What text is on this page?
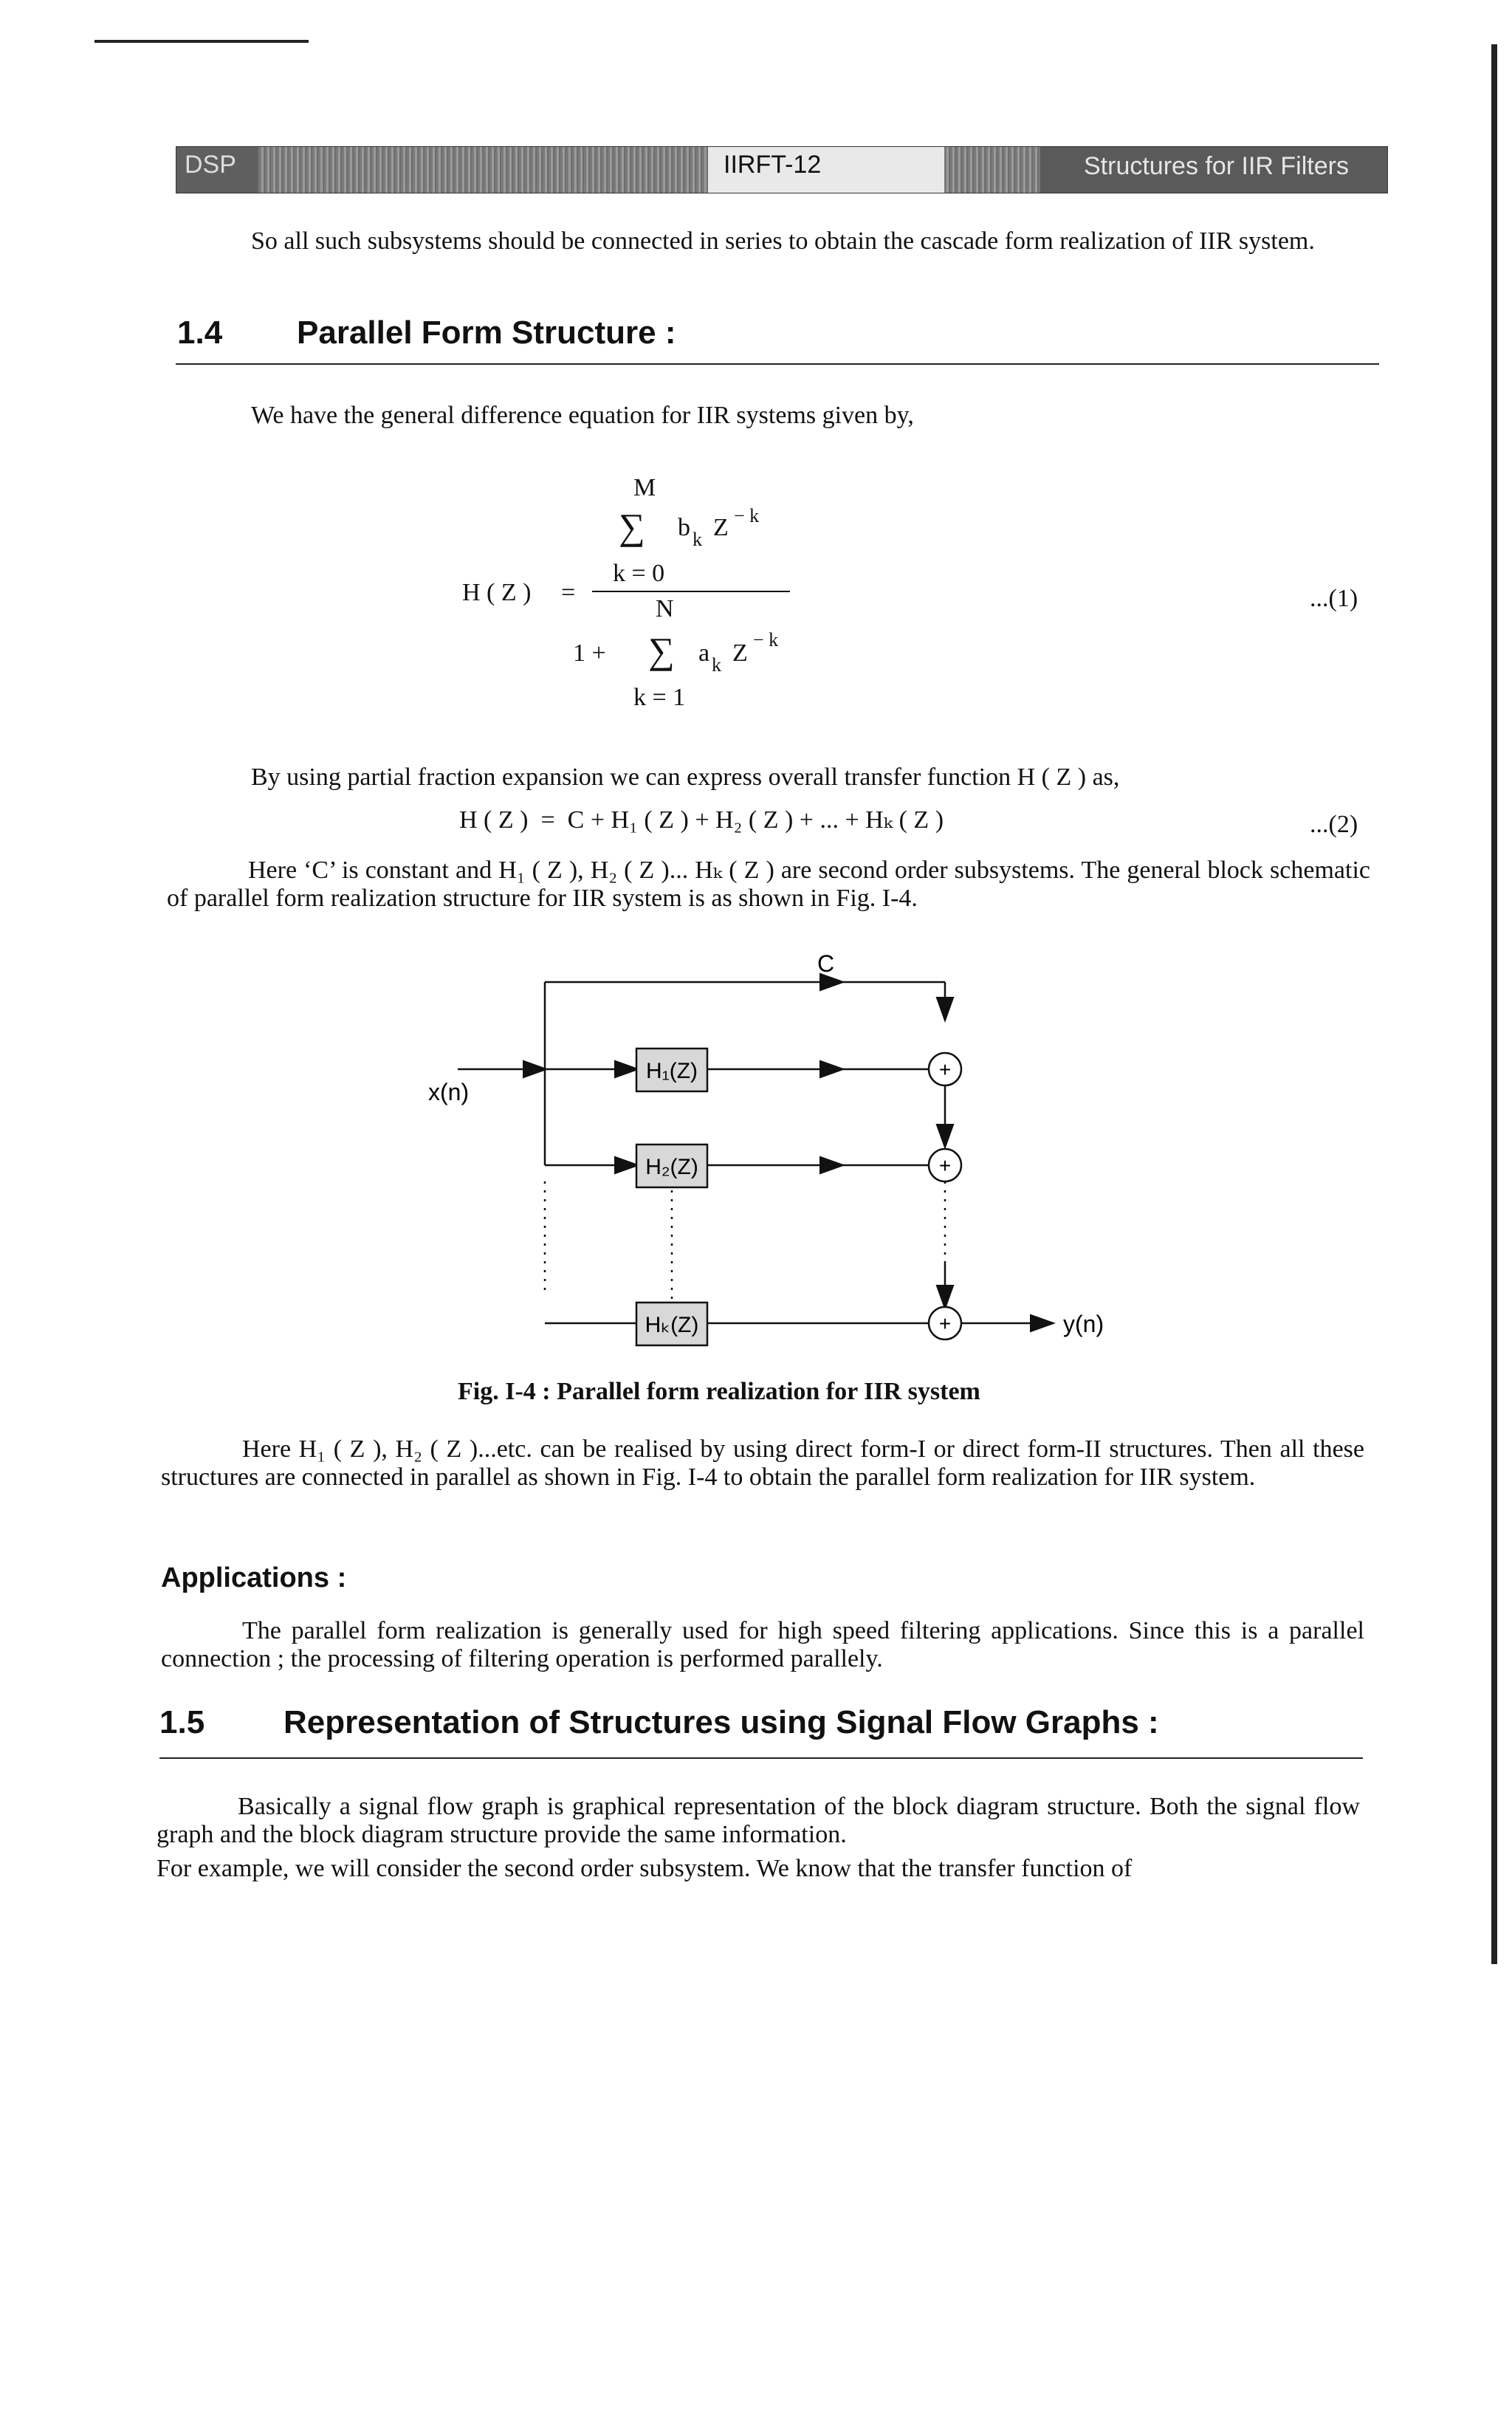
DSP	IIRFT-12	Structures for IIR Filters
So all such subsystems should be connected in series to obtain the cascade form realization of IIR system.
1.4 Parallel Form Structure :
We have the general difference equation for IIR systems given by,
M
∑ b k Z − k
k = 0
H ( Z ) =
N
1 + ∑ a k Z − k
k = 1
...(1)
By using partial fraction expansion we can express overall transfer function H ( Z ) as,
H ( Z )  =  C + H₁ ( Z ) + H₂ ( Z ) + ... + Hₖ ( Z )	...(2)
Here ‘C’ is constant and H₁ ( Z ), H₂ ( Z )... Hₖ ( Z ) are second order subsystems. The general block schematic of parallel form realization structure for IIR system is as shown in Fig. I-4.
C
x(n)
y(n)
H₁(Z)
H₂(Z)
Hₖ(Z)
+
+
+
Fig. I-4 : Parallel form realization for IIR system
Here H₁ ( Z ), H₂ ( Z )...etc. can be realised by using direct form-I or direct form-II structures. Then all these structures are connected in parallel as shown in Fig. I-4 to obtain the parallel form realization for IIR system.
Applications :
The parallel form realization is generally used for high speed filtering applications. Since this is a parallel connection ; the processing of filtering operation is performed parallely.
1.5 Representation of Structures using Signal Flow Graphs :
Basically a signal flow graph is graphical representation of the block diagram structure. Both the signal flow graph and the block diagram structure provide the same information.
For example, we will consider the second order subsystem. We know that the transfer function of
